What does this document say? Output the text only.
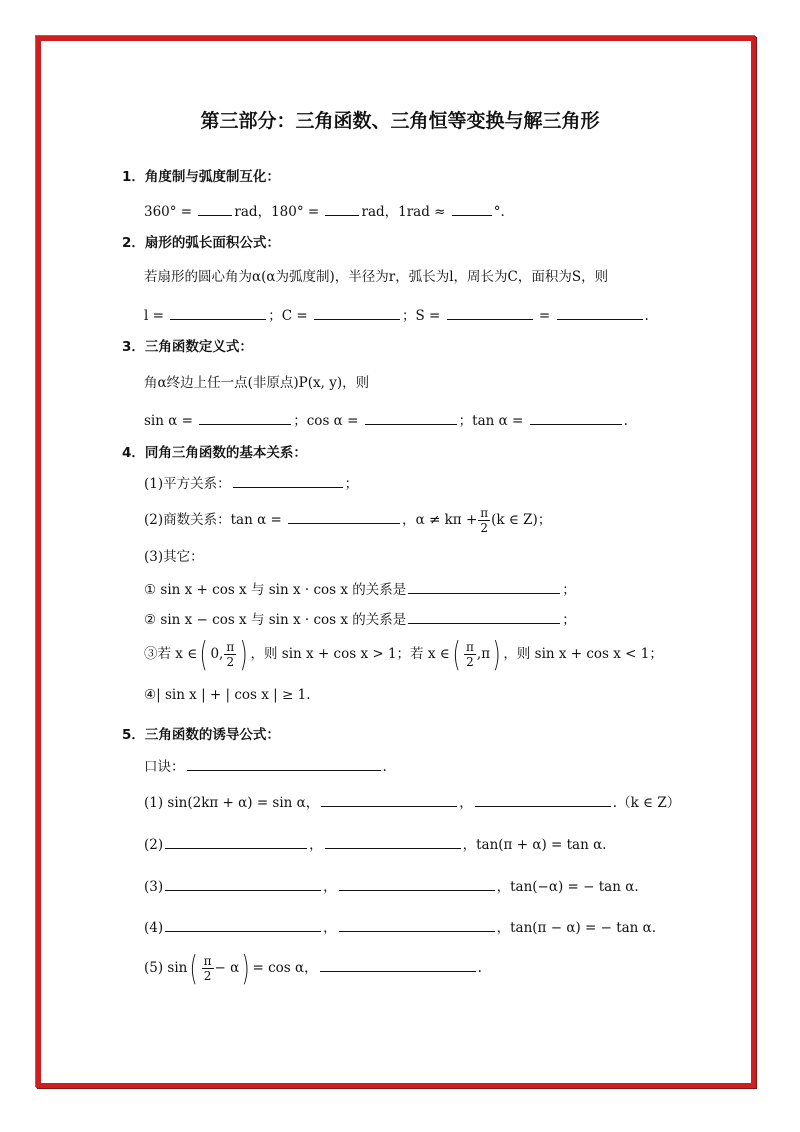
第三部分：三角函数、三角恒等变换与解三角形
1．角度制与弧度制互化：
360° =	rad，180° =	rad，1rad ≈	°.
2．扇形的弧长面积公式：
若扇形的圆心角为α(α为弧度制)，半径为r，弧长为l，周长为C，面积为S，则
l =	；C =	；S =	=	.
3．三角函数定义式：
角α终边上任一点(非原点)P(x, y)，则
sin α =	；cos α =	；tan α =	.
4．同角三角函数的基本关系：
(1)平方关系：	；
(2)商数关系：tan α =	，$\alpha \ne k\pi + \frac{\pi}{2} (k$ ∈ Z)；
(3)其它：
① sin x + cos x 与 sin x · cos x 的关系是	；
② sin x − cos x 与 sin x · cos x 的关系是	；
③若 x ∈( 0, $\frac{\pi}{2}$ ) ，则 sin x + cos x > 1；若 x ∈( $\frac{\pi}{2} ,\pi$) ，则 sin x + cos x < 1；
④| sin x | + | cos x | ≥ 1.
5．三角函数的诱导公式：
口诀：	.
(1) sin(2kπ + α) = sin α，	，	.（k ∈ Z）
(2)	，	，tan(π + α) = tan α.
(3)	，	，tan(−α) = − tan α.
(4)	，	，tan(π − α) = − tan α.
(5) $\sin( \frac{\pi}{2} - \alpha) = \cos \alpha$，	.
